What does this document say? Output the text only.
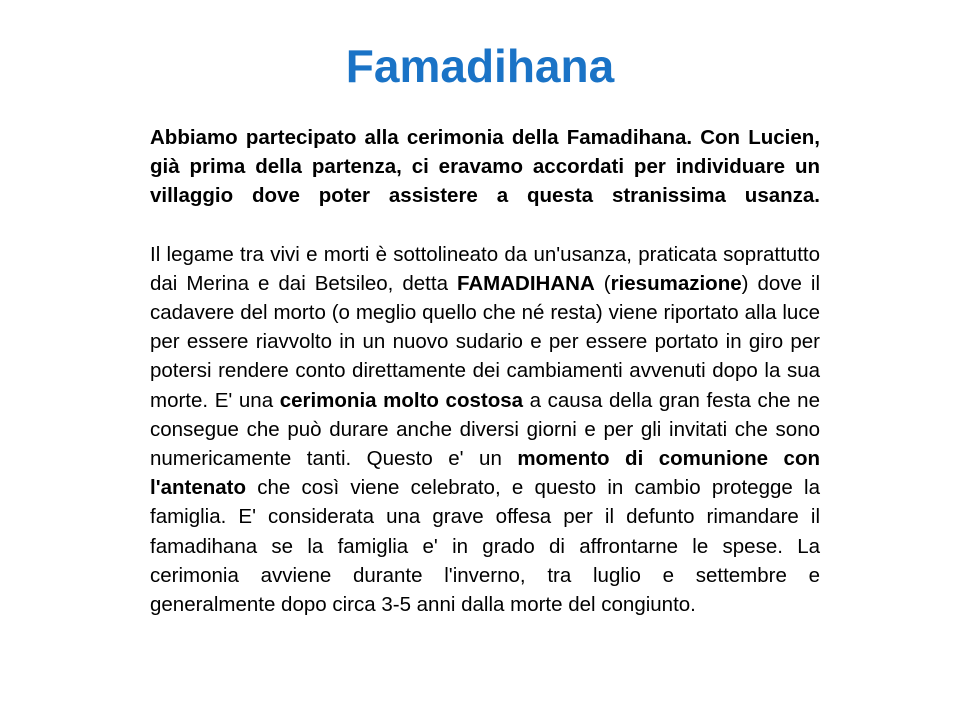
Famadihana

Abbiamo partecipato alla cerimonia della Famadihana. Con Lucien, già prima della partenza, ci eravamo accordati per individuare un villaggio dove poter assistere a questa stranissima usanza.

Il legame tra vivi e morti è sottolineato da un'usanza, praticata soprattutto dai Merina e dai Betsileo, detta FAMADIHANA (riesumazione) dove il cadavere del morto (o meglio quello che né resta) viene riportato alla luce per essere riavvolto in un nuovo sudario e per essere portato in giro per potersi rendere conto direttamente dei cambiamenti avvenuti dopo la sua morte. E' una cerimonia molto costosa a causa della gran festa che ne consegue che può durare anche diversi giorni e per gli invitati che sono numericamente tanti. Questo e' un momento di comunione con l'antenato che così viene celebrato, e questo in cambio protegge la famiglia. E' considerata una grave offesa per il defunto rimandare il famadihana se la famiglia e' in grado di affrontarne le spese. La cerimonia avviene durante l'inverno, tra luglio e settembre e generalmente dopo circa 3-5 anni dalla morte del congiunto.
